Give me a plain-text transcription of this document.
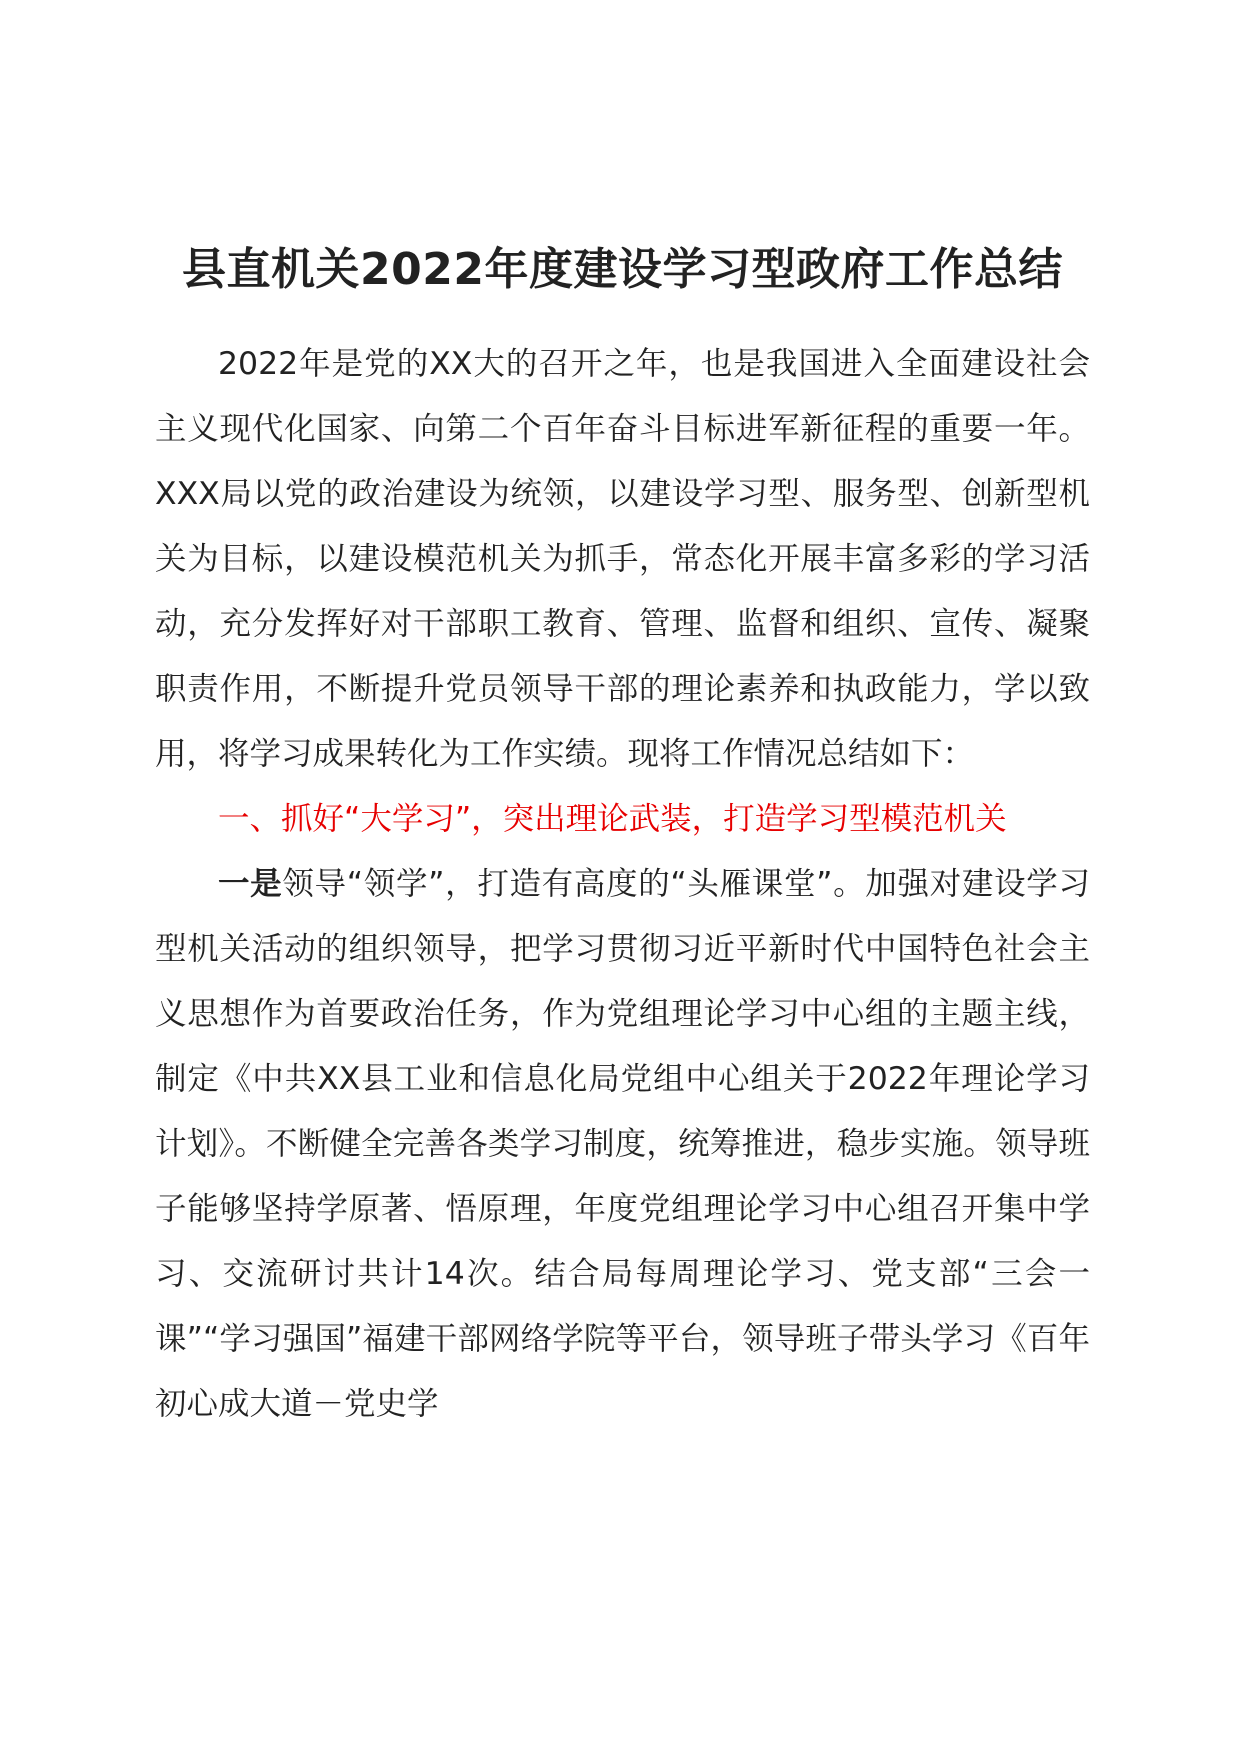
县直机关2022年度建设学习型政府工作总结

2022年是党的XX大的召开之年，也是我国进入全面建设社会主义现代化国家、向第二个百年奋斗目标进军新征程的重要一年。XXX局以党的政治建设为统领，以建设学习型、服务型、创新型机关为目标，以建设模范机关为抓手，常态化开展丰富多彩的学习活动，充分发挥好对干部职工教育、管理、监督和组织、宣传、凝聚职责作用，不断提升党员领导干部的理论素养和执政能力，学以致用，将学习成果转化为工作实绩。现将工作情况总结如下：

一、抓好“大学习”，突出理论武装，打造学习型模范机关

一是领导“领学”，打造有高度的“头雁课堂”。加强对建设学习型机关活动的组织领导，把学习贯彻习近平新时代中国特色社会主义思想作为首要政治任务，作为党组理论学习中心组的主题主线，制定《中共XX县工业和信息化局党组中心组关于2022年理论学习计划》。不断健全完善各类学习制度，统筹推进，稳步实施。领导班子能够坚持学原著、悟原理，年度党组理论学习中心组召开集中学习、交流研讨共计14次。结合局每周理论学习、党支部“三会一课”“学习强国”福建干部网络学院等平台，领导班子带头学习《百年初心成大道－党史学
